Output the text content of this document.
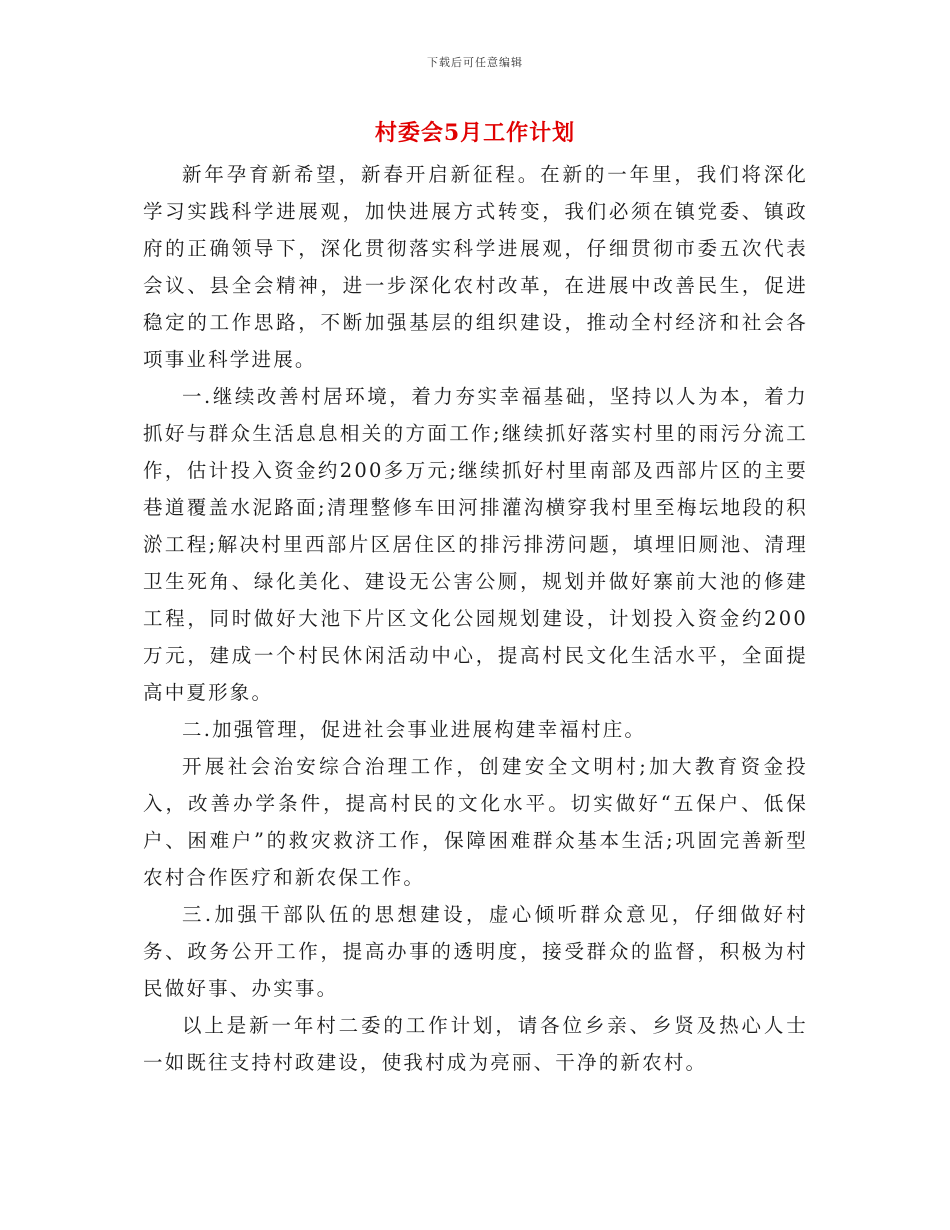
下载后可任意编辑
村委会5月工作计划

新年孕育新希望，新春开启新征程。在新的一年里，我们将深化学习实践科学进展观，加快进展方式转变，我们必须在镇党委、镇政府的正确领导下，深化贯彻落实科学进展观，仔细贯彻市委五次代表会议、县全会精神，进一步深化农村改革，在进展中改善民生，促进稳定的工作思路，不断加强基层的组织建设，推动全村经济和社会各项事业科学进展。

一.继续改善村居环境，着力夯实幸福基础，坚持以人为本，着力抓好与群众生活息息相关的方面工作;继续抓好落实村里的雨污分流工作，估计投入资金约200多万元;继续抓好村里南部及西部片区的主要巷道覆盖水泥路面;清理整修车田河排灌沟横穿我村里至梅坛地段的积淤工程;解决村里西部片区居住区的排污排涝问题，填埋旧厕池、清理卫生死角、绿化美化、建设无公害公厕，规划并做好寨前大池的修建工程，同时做好大池下片区文化公园规划建设，计划投入资金约200万元，建成一个村民休闲活动中心，提高村民文化生活水平，全面提高中夏形象。

二.加强管理，促进社会事业进展构建幸福村庄。

开展社会治安综合治理工作，创建安全文明村;加大教育资金投入，改善办学条件，提高村民的文化水平。切实做好“五保户、低保户、困难户”的救灾救济工作，保障困难群众基本生活;巩固完善新型农村合作医疗和新农保工作。

三.加强干部队伍的思想建设，虚心倾听群众意见，仔细做好村务、政务公开工作，提高办事的透明度，接受群众的监督，积极为村民做好事、办实事。

以上是新一年村二委的工作计划，请各位乡亲、乡贤及热心人士一如既往支持村政建设，使我村成为亮丽、干净的新农村。
